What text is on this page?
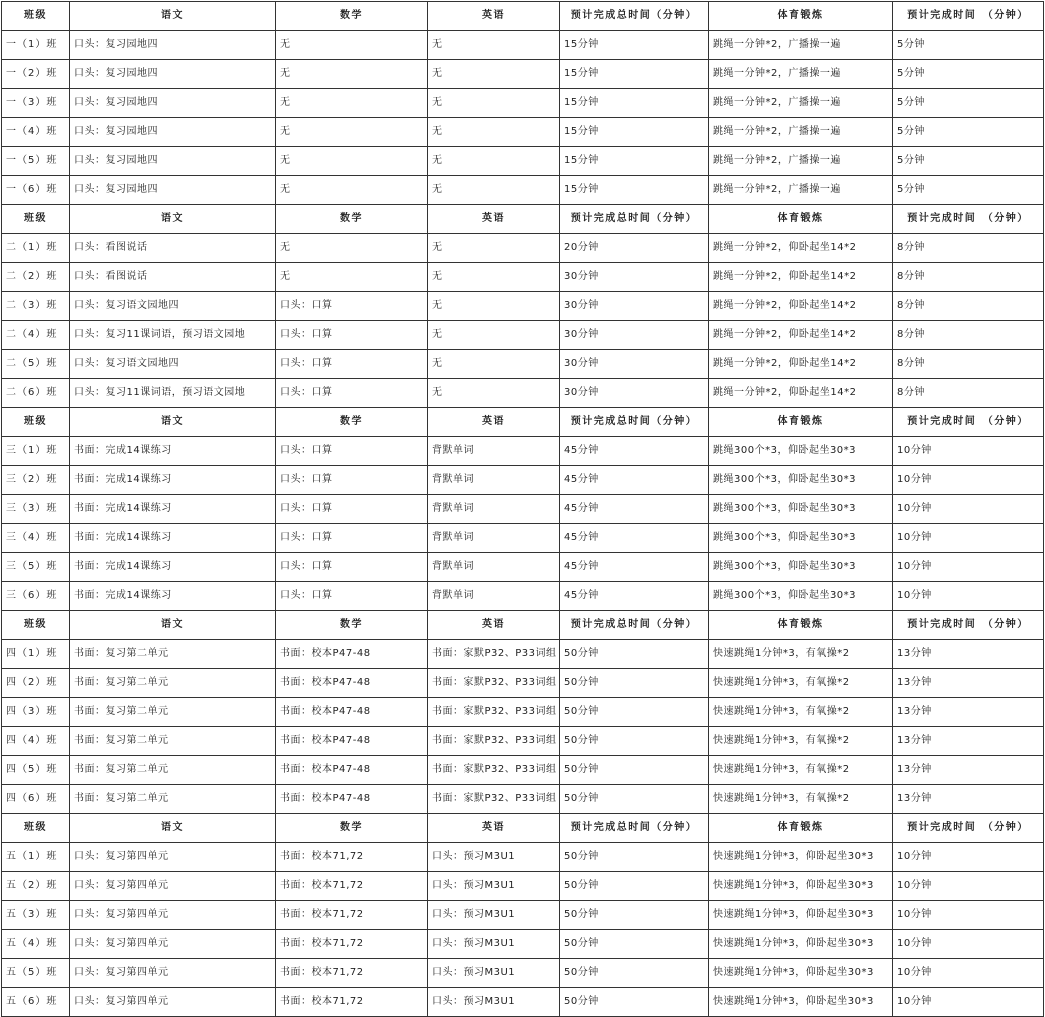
班级	语文	数学	英语	预计完成总时间（分钟）	体育锻炼	预计完成时间　（分钟）
一（1）班	口头：复习园地四	无	无	15分钟	跳绳一分钟*2，广播操一遍	5分钟
一（2）班	口头：复习园地四	无	无	15分钟	跳绳一分钟*2，广播操一遍	5分钟
一（3）班	口头：复习园地四	无	无	15分钟	跳绳一分钟*2，广播操一遍	5分钟
一（4）班	口头：复习园地四	无	无	15分钟	跳绳一分钟*2，广播操一遍	5分钟
一（5）班	口头：复习园地四	无	无	15分钟	跳绳一分钟*2，广播操一遍	5分钟
一（6）班	口头：复习园地四	无	无	15分钟	跳绳一分钟*2，广播操一遍	5分钟
班级	语文	数学	英语	预计完成总时间（分钟）	体育锻炼	预计完成时间　（分钟）
二（1）班	口头：看图说话	无	无	20分钟	跳绳一分钟*2，仰卧起坐14*2	8分钟
二（2）班	口头：看图说话	无	无	30分钟	跳绳一分钟*2，仰卧起坐14*2	8分钟
二（3）班	口头：复习语文园地四	口头：口算	无	30分钟	跳绳一分钟*2，仰卧起坐14*2	8分钟
二（4）班	口头：复习11课词语，预习语文园地	口头：口算	无	30分钟	跳绳一分钟*2，仰卧起坐14*2	8分钟
二（5）班	口头：复习语文园地四	口头：口算	无	30分钟	跳绳一分钟*2，仰卧起坐14*2	8分钟
二（6）班	口头：复习11课词语，预习语文园地	口头：口算	无	30分钟	跳绳一分钟*2，仰卧起坐14*2	8分钟
班级	语文	数学	英语	预计完成总时间（分钟）	体育锻炼	预计完成时间　（分钟）
三（1）班	书面：完成14课练习	口头：口算	背默单词	45分钟	跳绳300个*3，仰卧起坐30*3	10分钟
三（2）班	书面：完成14课练习	口头：口算	背默单词	45分钟	跳绳300个*3，仰卧起坐30*3	10分钟
三（3）班	书面：完成14课练习	口头：口算	背默单词	45分钟	跳绳300个*3，仰卧起坐30*3	10分钟
三（4）班	书面：完成14课练习	口头：口算	背默单词	45分钟	跳绳300个*3，仰卧起坐30*3	10分钟
三（5）班	书面：完成14课练习	口头：口算	背默单词	45分钟	跳绳300个*3，仰卧起坐30*3	10分钟
三（6）班	书面：完成14课练习	口头：口算	背默单词	45分钟	跳绳300个*3，仰卧起坐30*3	10分钟
班级	语文	数学	英语	预计完成总时间（分钟）	体育锻炼	预计完成时间　（分钟）
四（1）班	书面：复习第二单元	书面：校本P47-48	书面：家默P32、P33词组	50分钟	快速跳绳1分钟*3，有氧操*2	13分钟
四（2）班	书面：复习第二单元	书面：校本P47-48	书面：家默P32、P33词组	50分钟	快速跳绳1分钟*3，有氧操*2	13分钟
四（3）班	书面：复习第二单元	书面：校本P47-48	书面：家默P32、P33词组	50分钟	快速跳绳1分钟*3，有氧操*2	13分钟
四（4）班	书面：复习第二单元	书面：校本P47-48	书面：家默P32、P33词组	50分钟	快速跳绳1分钟*3，有氧操*2	13分钟
四（5）班	书面：复习第二单元	书面：校本P47-48	书面：家默P32、P33词组	50分钟	快速跳绳1分钟*3，有氧操*2	13分钟
四（6）班	书面：复习第二单元	书面：校本P47-48	书面：家默P32、P33词组	50分钟	快速跳绳1分钟*3，有氧操*2	13分钟
班级	语文	数学	英语	预计完成总时间（分钟）	体育锻炼	预计完成时间　（分钟）
五（1）班	口头：复习第四单元	书面：校本71,72	口头：预习M3U1	50分钟	快速跳绳1分钟*3，仰卧起坐30*3	10分钟
五（2）班	口头：复习第四单元	书面：校本71,72	口头：预习M3U1	50分钟	快速跳绳1分钟*3，仰卧起坐30*3	10分钟
五（3）班	口头：复习第四单元	书面：校本71,72	口头：预习M3U1	50分钟	快速跳绳1分钟*3，仰卧起坐30*3	10分钟
五（4）班	口头：复习第四单元	书面：校本71,72	口头：预习M3U1	50分钟	快速跳绳1分钟*3，仰卧起坐30*3	10分钟
五（5）班	口头：复习第四单元	书面：校本71,72	口头：预习M3U1	50分钟	快速跳绳1分钟*3，仰卧起坐30*3	10分钟
五（6）班	口头：复习第四单元	书面：校本71,72	口头：预习M3U1	50分钟	快速跳绳1分钟*3，仰卧起坐30*3	10分钟
